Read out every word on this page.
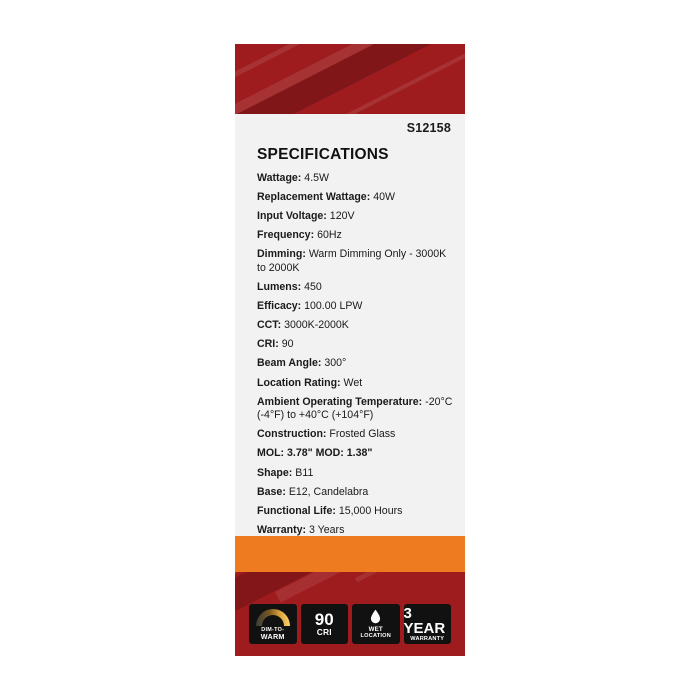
S12158
SPECIFICATIONS
Wattage: 4.5W
Replacement Wattage: 40W
Input Voltage: 120V
Frequency: 60Hz
Dimming: Warm Dimming Only - 3000K to 2000K
Lumens: 450
Efficacy: 100.00 LPW
CCT: 3000K-2000K
CRI: 90
Beam Angle: 300°
Location Rating: Wet
Ambient Operating Temperature: -20°C (-4°F) to +40°C (+104°F)
Construction: Frosted Glass
MOL: 3.78" MOD: 1.38"
Shape: B11
Base: E12, Candelabra
Functional Life: 15,000 Hours
Warranty: 3 Years
DIM-TO-
WARM
90
CRI	WET
LOCATION
3 YEAR
WARRANTY
